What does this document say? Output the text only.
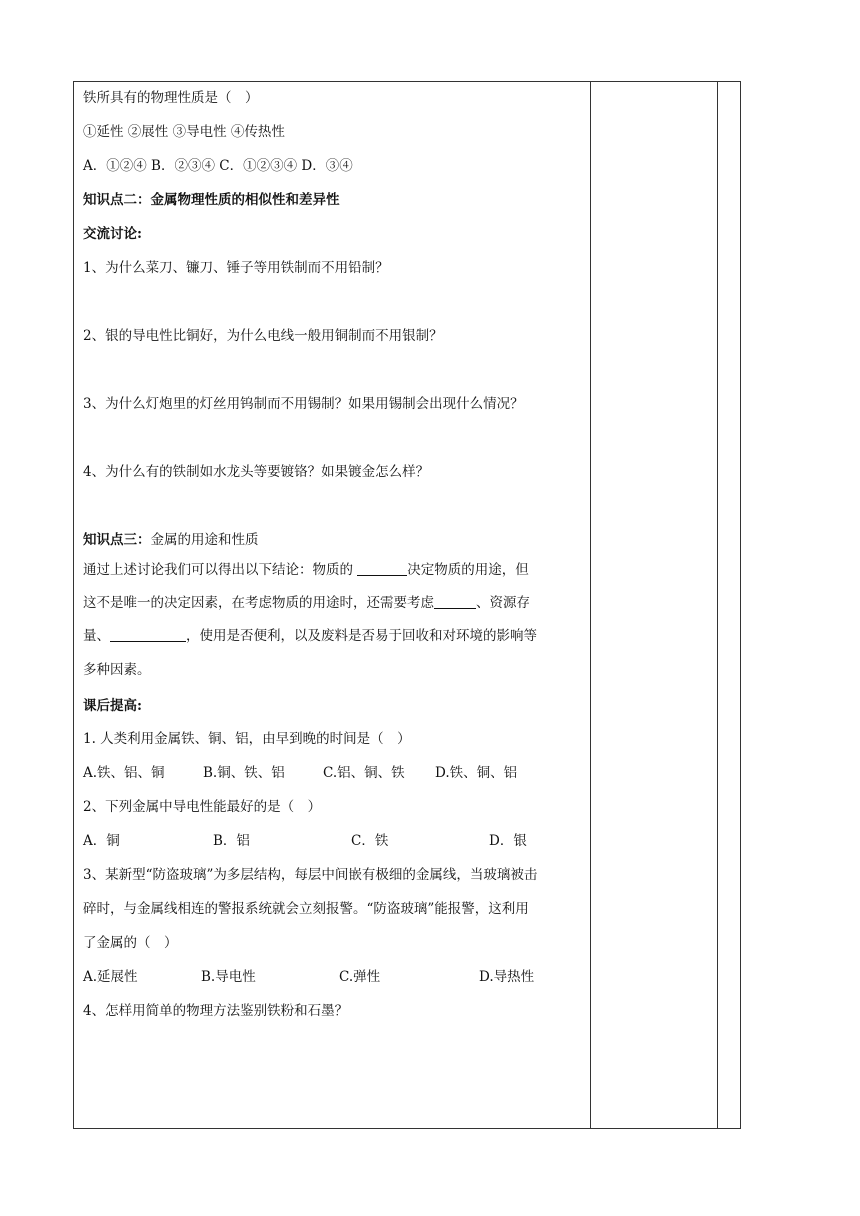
铁所具有的物理性质是（　）
①延性 ②展性 ③导电性 ④传热性
A．①②④ B．②③④ C．①②③④ D．③④
知识点二：金属物理性质的相似性和差异性
交流讨论:
1、为什么菜刀、镰刀、锤子等用铁制而不用铅制？
2、银的导电性比铜好，为什么电线一般用铜制而不用银制？
3、为什么灯炮里的灯丝用钨制而不用锡制？如果用锡制会出现什么情况？
4、为什么有的铁制如水龙头等要镀铬？如果镀金怎么样？
知识点三：金属的用途和性质
通过上述讨论我们可以得出以下结论：物质的	决定物质的用途，但
这不是唯一的决定因素，在考虑物质的用途时，还需要考虑	、资源存
量、	，使用是否便利，以及废料是否易于回收和对环境的影响等
多种因素。
课后提高:
1. 人类利用金属铁、铜、铝，由早到晚的时间是（　）
A.铁、铝、铜	B.铜、铁、铝	C.铝、铜、铁 D.铁、铜、铝
2、下列金属中导电性能最好的是（　）
A．铜	B．铝	C．铁	D．银
3、某新型“防盗玻璃”为多层结构，每层中间嵌有极细的金属线，当玻璃被击
碎时，与金属线相连的警报系统就会立刻报警。“防盗玻璃”能报警，这利用
了金属的（　）
A.延展性	B.导电性	C.弹性	D.导热性
4、怎样用简单的物理方法鉴别铁粉和石墨？
